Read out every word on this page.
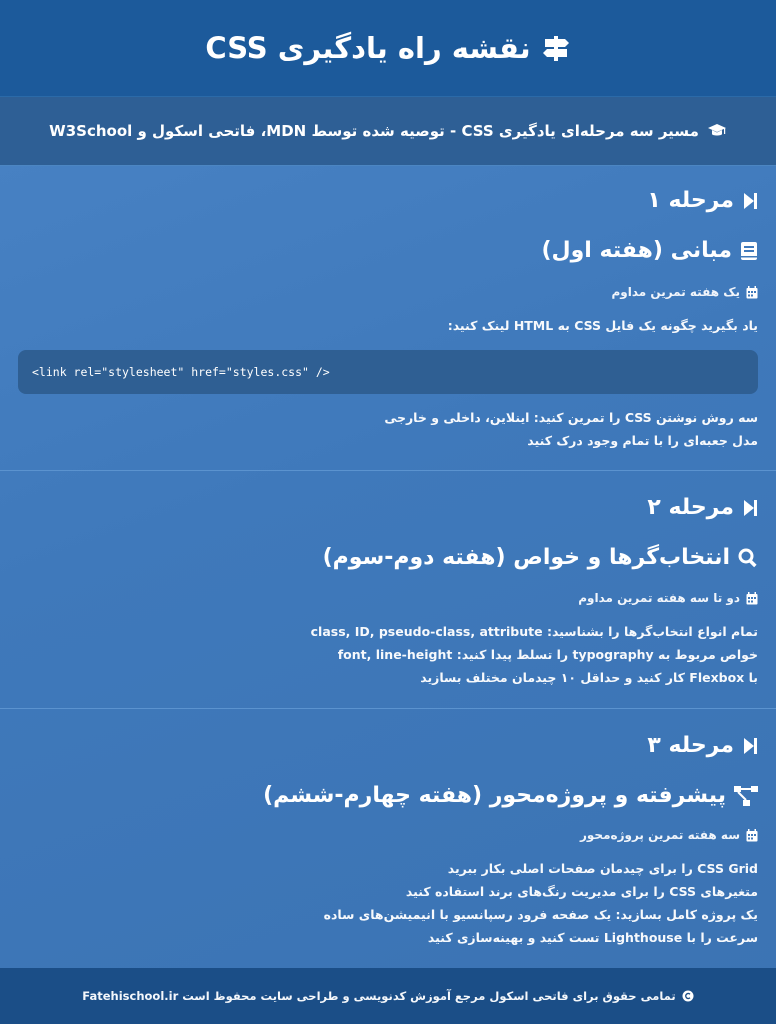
نقشه راه یادگیری CSS
مسیر سه مرحله‌ای یادگیری CSS - توصیه شده توسط MDN، فاتحی اسکول و W3School
مرحله ۱
مبانی (هفته اول)
یک هفته تمرین مداوم
یاد بگیرید چگونه یک فایل CSS به HTML لینک کنید:
<link rel="stylesheet" href="styles.css" />
سه روش نوشتن CSS را تمرین کنید: اینلاین، داخلی و خارجی
مدل جعبه‌ای را با تمام وجود درک کنید
مرحله ۲
انتخاب‌گرها و خواص (هفته دوم-سوم)
دو تا سه هفته تمرین مداوم
تمام انواع انتخاب‌گرها را بشناسید: class, ID, pseudo-class, attribute
خواص مربوط به typography را تسلط پیدا کنید: font, line-height
با Flexbox کار کنید و حداقل ۱۰ چیدمان مختلف بسازید
مرحله ۳
پیشرفته و پروژه‌محور (هفته چهارم-ششم)
سه هفته تمرین پروژه‌محور
CSS Grid را برای چیدمان صفحات اصلی بکار ببرید
متغیرهای CSS را برای مدیریت رنگ‌های برند استفاده کنید
یک پروژه کامل بسازید: یک صفحه فرود رسپانسیو با انیمیشن‌های ساده
سرعت را با Lighthouse تست کنید و بهینه‌سازی کنید
تمامی حقوق برای فاتحی اسکول مرجع آموزش کدنویسی و طراحی سایت محفوظ است Fatehischool.ir
